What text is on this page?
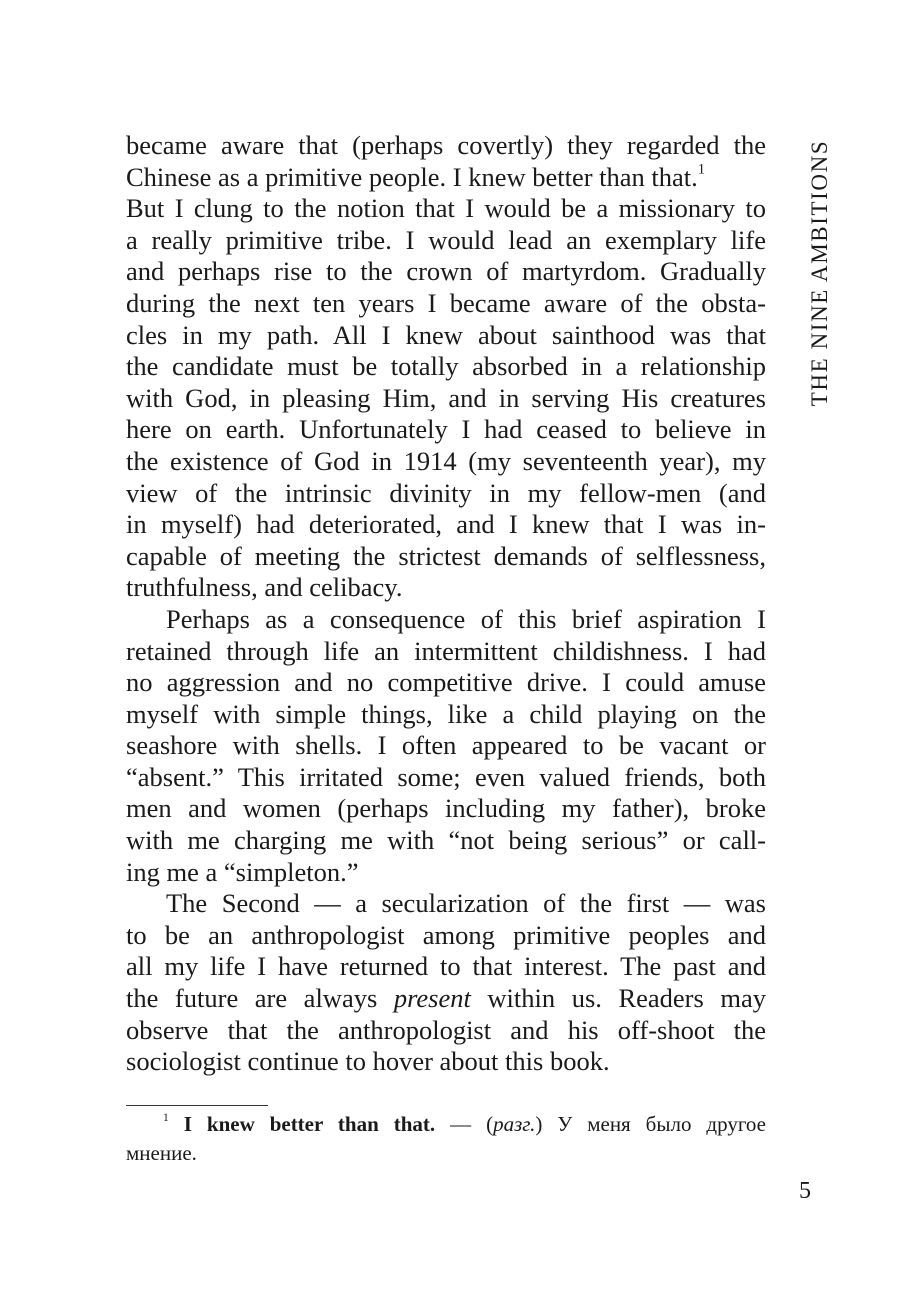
THE NINE AMBITIONS
became aware that (perhaps covertly) they regarded the
Chinese as a primitive people. I knew better than that.$^1$
But I clung to the notion that I would be a missionary to
a really primitive tribe. I would lead an exemplary life
and perhaps rise to the crown of martyrdom. Gradually
during the next ten years I became aware of the obsta-
cles in my path. All I knew about sainthood was that
the candidate must be totally absorbed in a relationship
with God, in pleasing Him, and in serving His creatures
here on earth. Unfortunately I had ceased to believe in
the existence of God in 1914 (my seventeenth year), my
view of the intrinsic divinity in my fellow-men (and
in myself) had deteriorated, and I knew that I was in-
capable of meeting the strictest demands of selflessness,
truthfulness, and celibacy.
Perhaps as a consequence of this brief aspiration I
retained through life an intermittent childishness. I had
no aggression and no competitive drive. I could amuse
myself with simple things, like a child playing on the
seashore with shells. I often appeared to be vacant or
“absent.” This irritated some; even valued friends, both
men and women (perhaps including my father), broke
with me charging me with “not being serious” or call-
ing me a “simpleton.”
The Second — a secularization of the first — was
to be an anthropologist among primitive peoples and
all my life I have returned to that interest. The past and
the future are always present within us. Readers may
observe that the anthropologist and his off-shoot the
sociologist continue to hover about this book.
$^1$ I knew better than that. — (разг.) У меня было другое
мнение.
5
